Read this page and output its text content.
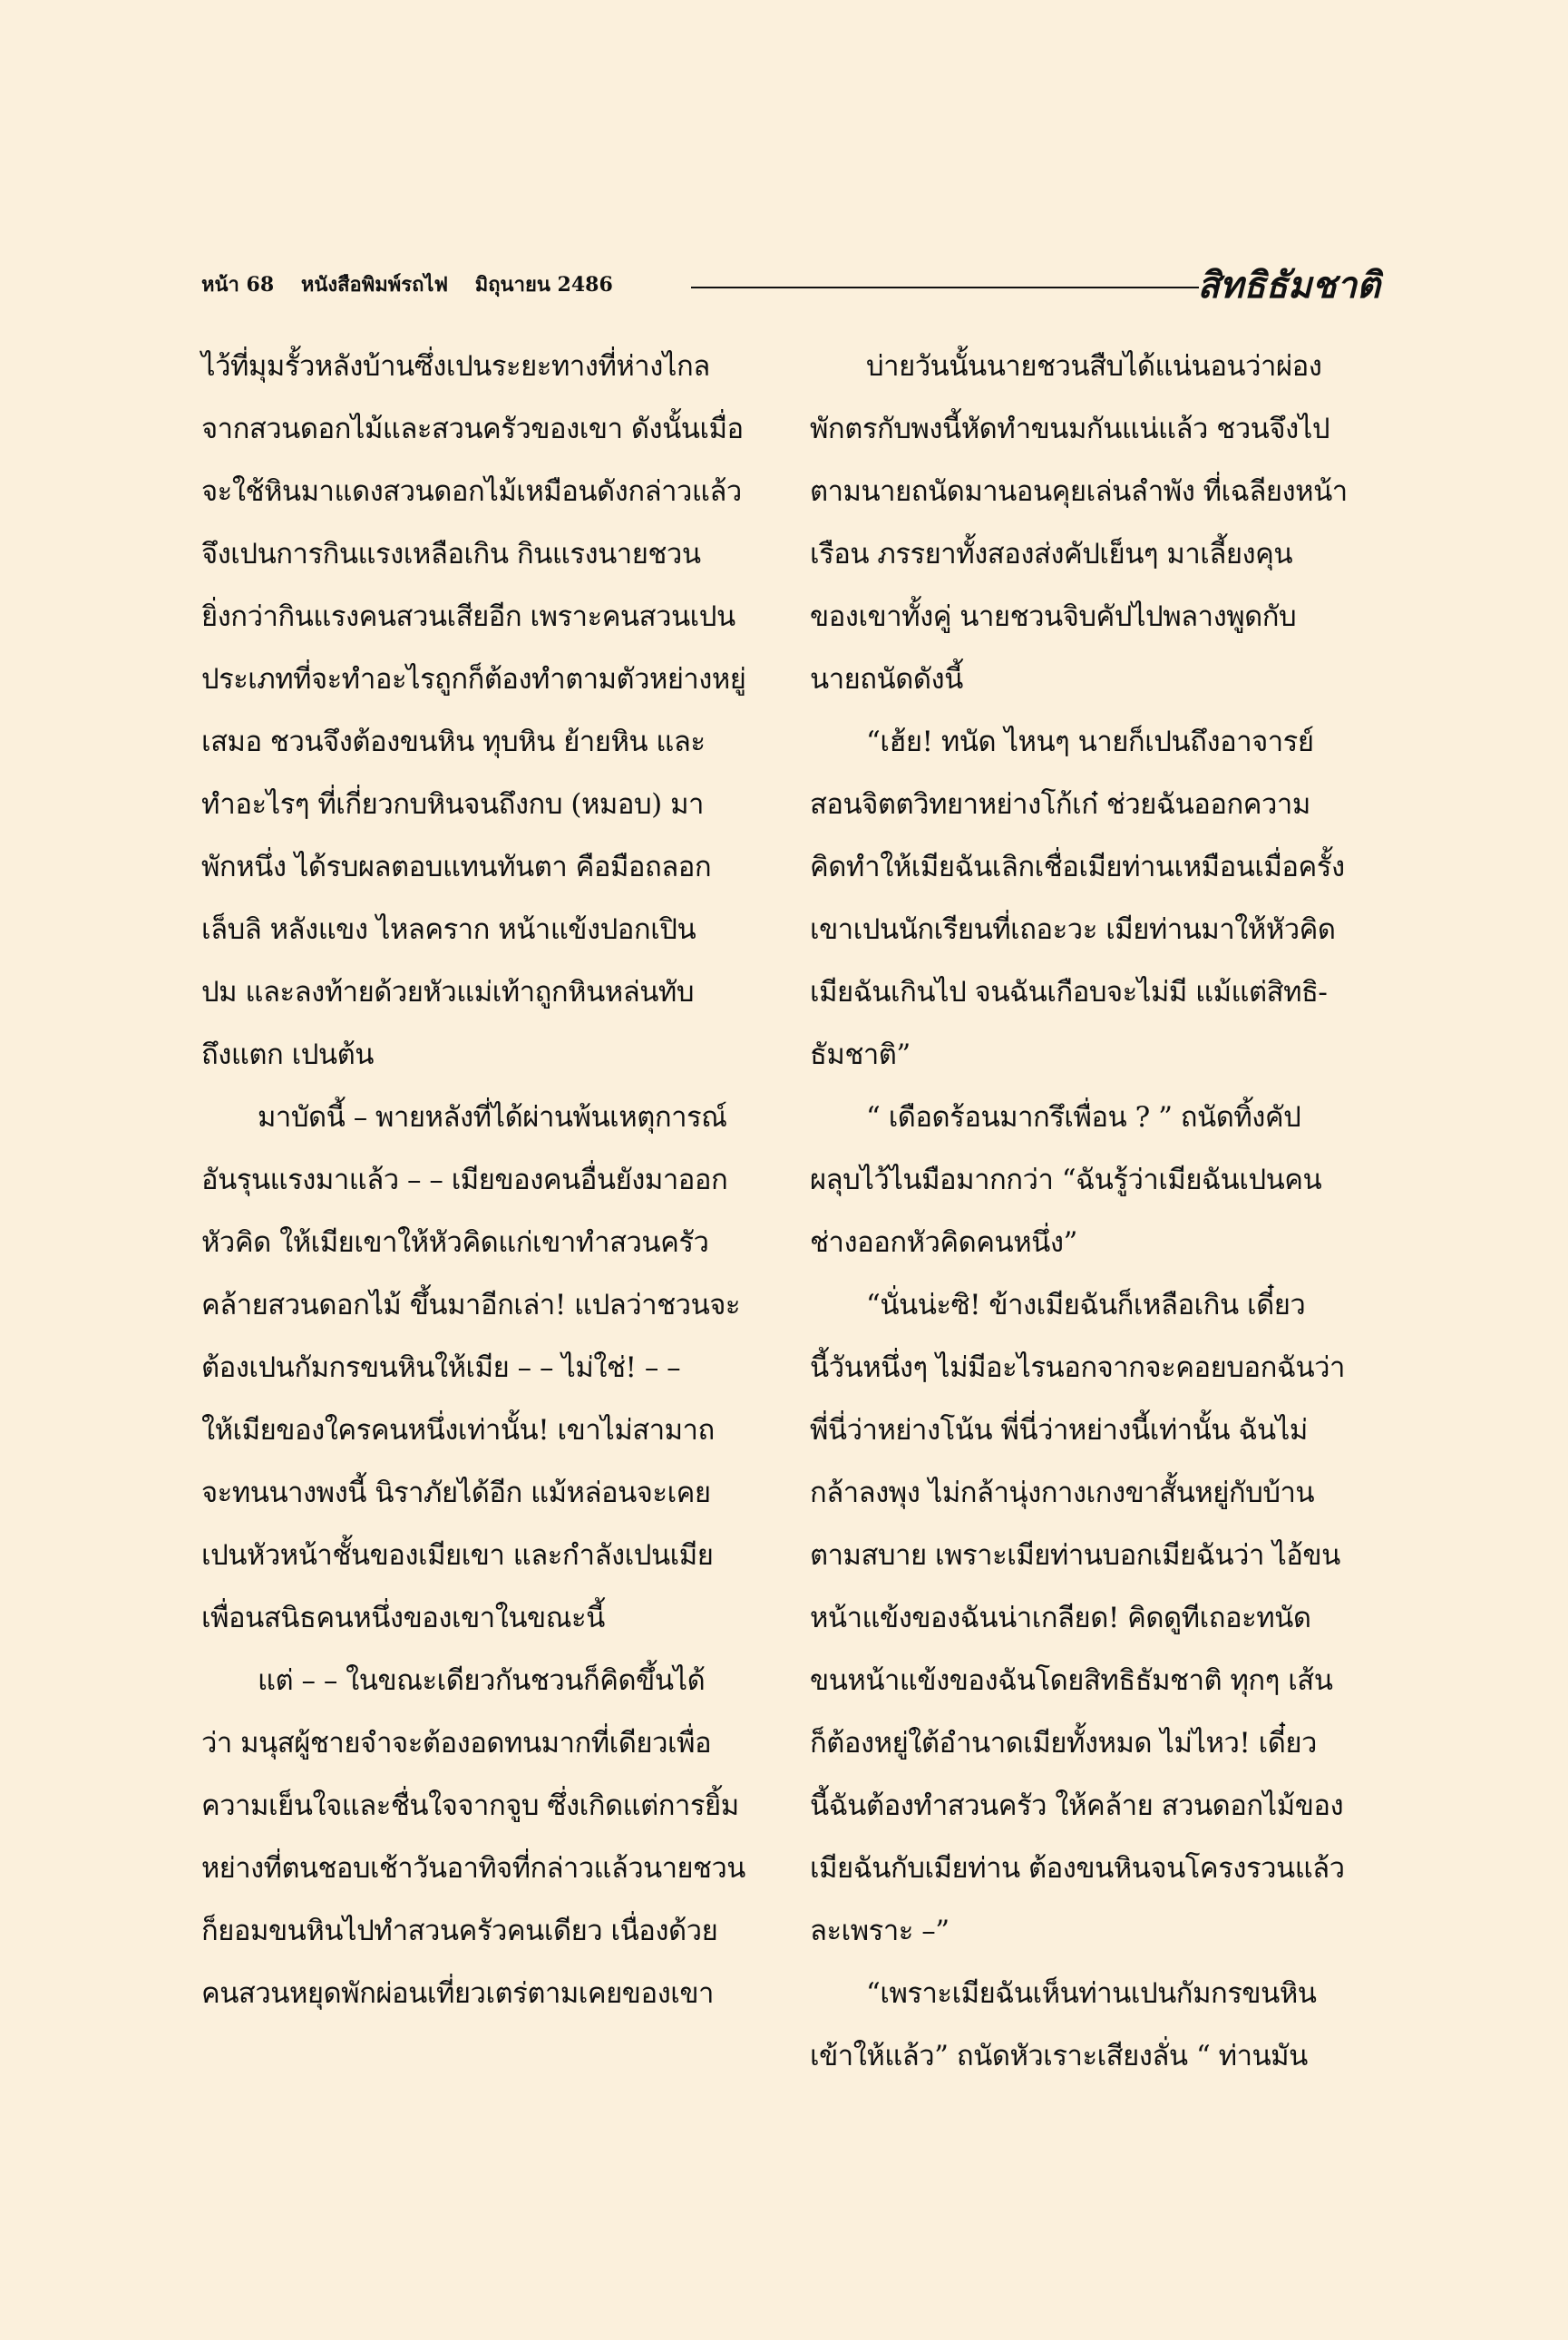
หน้า 68 หนังสือพิมพ์รถไฟ มิถุนายน 2486	สิทธิธัมชาติ

ไว้ที่มุมรั้วหลังบ้านซึ่งเปนระยะทางที่ห่างไกล

จากสวนดอกไม้และสวนครัวของเขา ดังนั้นเมื่อ

จะใช้หินมาแดงสวนดอกไม้เหมือนดังกล่าวแล้ว

จึงเปนการกินแรงเหลือเกิน กินแรงนายชวน

ยิ่งกว่ากินแรงคนสวนเสียอีก เพราะคนสวนเปน

ประเภทที่จะทำอะไรถูกก็ต้องทำตามตัวหย่างหยู่

เสมอ ชวนจึงต้องขนหิน ทุบหิน ย้ายหิน และ

ทำอะไรๆ ที่เกี่ยวกบหินจนถึงกบ (หมอบ) มา

พักหนึ่ง ได้รบผลตอบแทนทันตา คือมือถลอก

เล็บลิ หลังแขง ไหลคราก หน้าแข้งปอกเปิน

ปม และลงท้ายด้วยหัวแม่เท้าถูกหินหล่นทับ

ถึงแตก เปนต้น

มาบัดนี้ – พายหลังที่ได้ผ่านพ้นเหตุการณ์

อันรุนแรงมาแล้ว – – เมียของคนอื่นยังมาออก

หัวคิด ให้เมียเขาให้หัวคิดแก่เขาทำสวนครัว

คล้ายสวนดอกไม้ ขึ้นมาอีกเล่า! แปลว่าชวนจะ

ต้องเปนกัมกรขนหินให้เมีย – – ไม่ใช่! – –

ให้เมียของใครคนหนึ่งเท่านั้น! เขาไม่สามาถ

จะทนนางพงนี้ นิราภัยได้อีก แม้หล่อนจะเคย

เปนหัวหน้าชั้นของเมียเขา และกำลังเปนเมีย

เพื่อนสนิธคนหนึ่งของเขาในขณะนี้

แต่ – – ในขณะเดียวกันชวนก็คิดขึ้นได้

ว่า มนุสผู้ชายจำจะต้องอดทนมากที่เดียวเพื่อ

ความเย็นใจและชื่นใจจากจูบ ซึ่งเกิดแต่การยิ้ม

หย่างที่ตนชอบเช้าวันอาทิจที่กล่าวแล้วนายชวน

ก็ยอมขนหินไปทำสวนครัวคนเดียว เนื่องด้วย

คนสวนหยุดพักผ่อนเที่ยวเตร่ตามเคยของเขา

บ่ายวันนั้นนายชวนสืบได้แน่นอนว่าผ่อง

พักตรกับพงนี้หัดทำขนมกันแน่แล้ว ชวนจึงไป

ตามนายถนัดมานอนคุยเล่นลำพัง ที่เฉลียงหน้า

เรือน ภรรยาทั้งสองส่งคัปเย็นๆ มาเลี้ยงคุน

ของเขาทั้งคู่ นายชวนจิบคัปไปพลางพูดกับ

นายถนัดดังนี้

“เฮ้ย! ทนัด ไหนๆ นายก็เปนถึงอาจารย์

สอนจิตตวิทยาหย่างโก้เก๋ ช่วยฉันออกความ

คิดทำให้เมียฉันเลิกเชื่อเมียท่านเหมือนเมื่อครั้ง

เขาเปนนักเรียนที่เถอะวะ เมียท่านมาให้หัวคิด

เมียฉันเกินไป จนฉันเกือบจะไม่มี แม้แต่สิทธิ-

ธัมชาติ”

“ เดือดร้อนมากรึเพื่อน ? ” ถนัดทิ้งคัป

ผลุบไว้ไนมือมากกว่า “ฉันรู้ว่าเมียฉันเปนคน

ช่างออกหัวคิดคนหนึ่ง”

“นั่นน่ะซิ! ข้างเมียฉันก็เหลือเกิน เดี๋ยว

นี้วันหนึ่งๆ ไม่มีอะไรนอกจากจะคอยบอกฉันว่า

พี่นี่ว่าหย่างโน้น พี่นี่ว่าหย่างนี้เท่านั้น ฉันไม่

กล้าลงพุง ไม่กล้านุ่งกางเกงขาสั้นหยู่กับบ้าน

ตามสบาย เพราะเมียท่านบอกเมียฉันว่า ไอ้ขน

หน้าแข้งของฉันน่าเกลียด! คิดดูทีเถอะทนัด

ขนหน้าแข้งของฉันโดยสิทธิธัมชาติ ทุกๆ เส้น

ก็ต้องหยู่ใต้อำนาดเมียทั้งหมด ไม่ไหว! เดี๋ยว

นี้ฉันต้องทำสวนครัว ให้คล้าย สวนดอกไม้ของ

เมียฉันกับเมียท่าน ต้องขนหินจนโครงรวนแล้ว

ละเพราะ –”

“เพราะเมียฉันเห็นท่านเปนกัมกรขนหิน

เข้าให้แล้ว” ถนัดหัวเราะเสียงลั่น “ ท่านมัน
